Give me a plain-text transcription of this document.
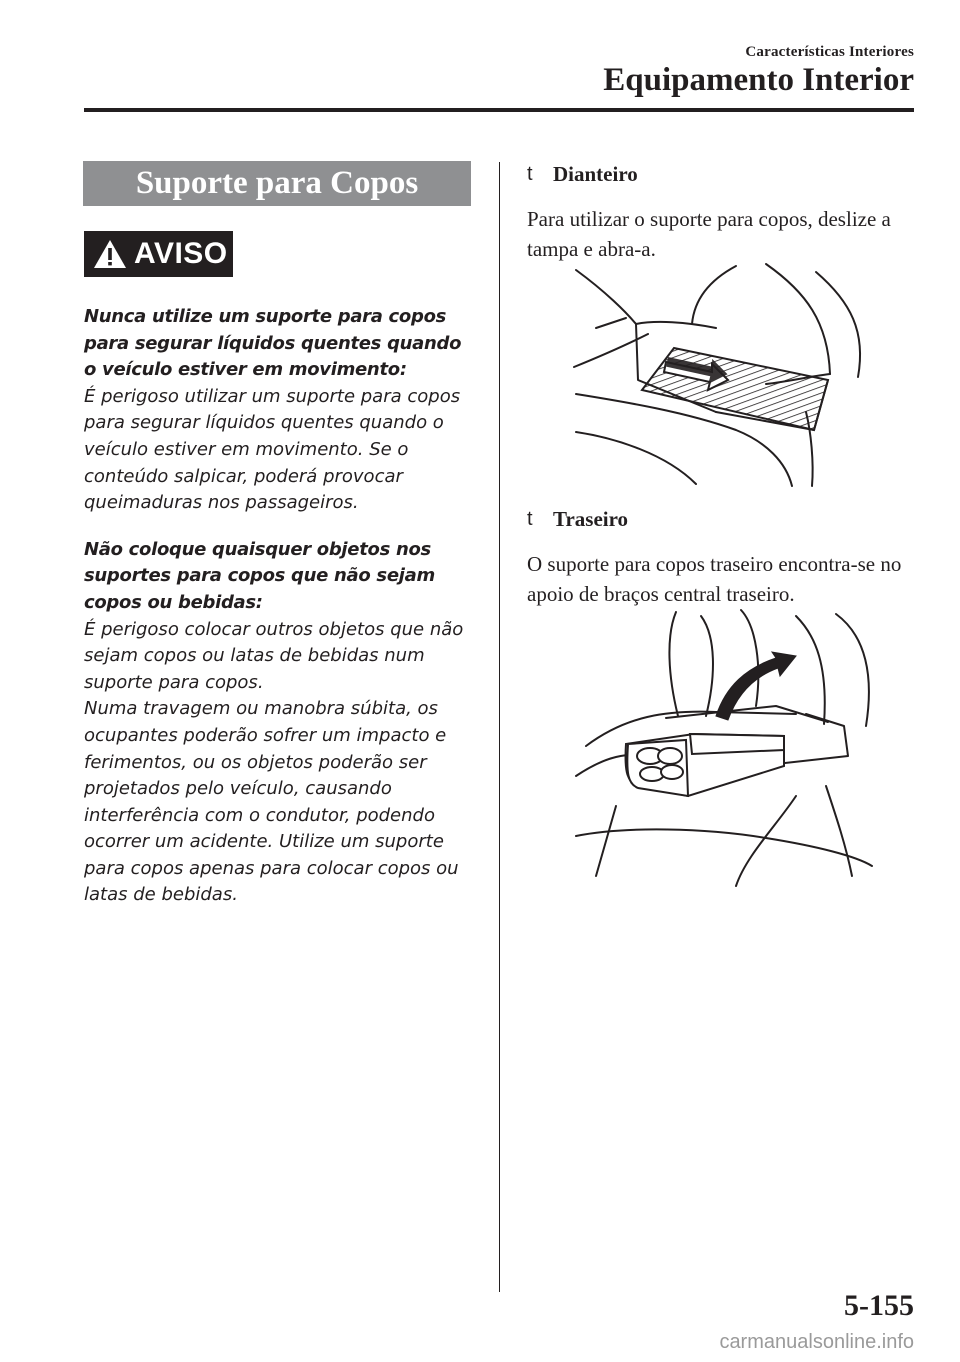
Características Interiores
Equipamento Interior
Suporte para Copos
AVISO

Nunca utilize um suporte para copos para segurar líquidos quentes quando o veículo estiver em movimento:

É perigoso utilizar um suporte para copos para segurar líquidos quentes quando o veículo estiver em movimento. Se o conteúdo salpicar, poderá provocar queimaduras nos passageiros.

Não coloque quaisquer objetos nos suportes para copos que não sejam copos ou bebidas:

É perigoso colocar outros objetos que não sejam copos ou latas de bebidas num suporte para copos.

Numa travagem ou manobra súbita, os ocupantes poderão sofrer um impacto e ferimentos, ou os objetos poderão ser projetados pelo veículo, causando interferência com o condutor, podendo ocorrer um acidente. Utilize um suporte para copos apenas para colocar copos ou latas de bebidas.

t Dianteiro

Para utilizar o suporte para copos, deslize a tampa e abra-a.

t Traseiro

O suporte para copos traseiro encontra-se no apoio de braços central traseiro.

5-155
carmanualsonline.info
